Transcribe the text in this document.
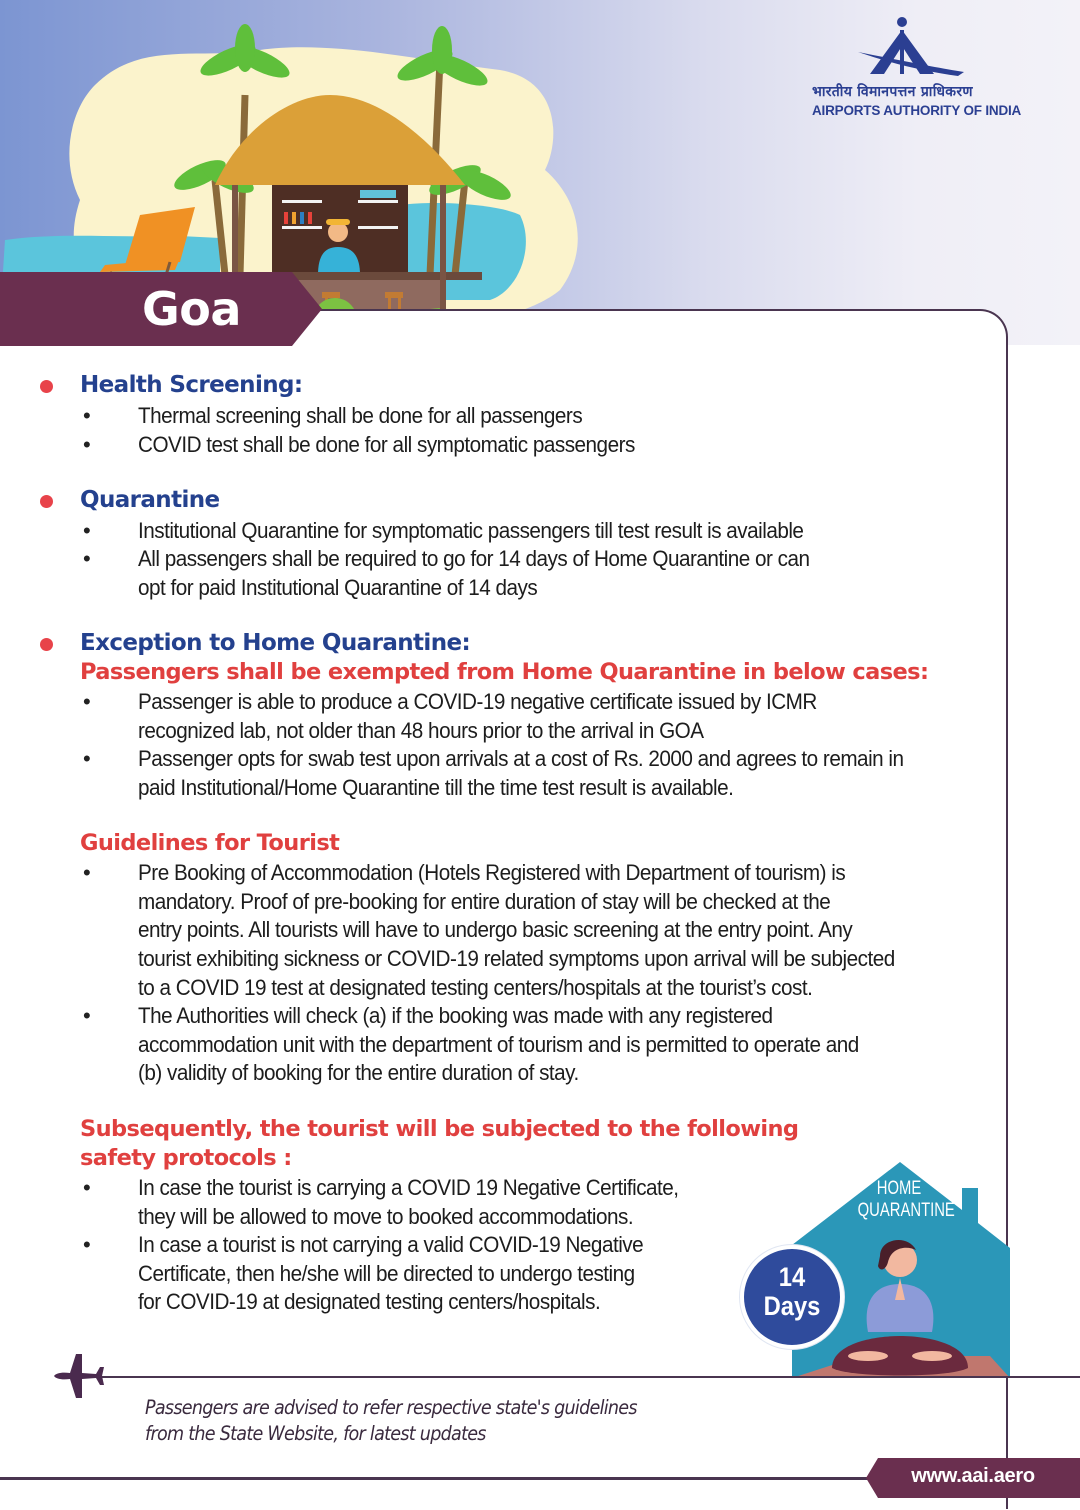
भारतीय विमानपत्तन प्राधिकरण
AIRPORTS AUTHORITY OF INDIA
Goa
Health Screening:
• Thermal screening shall be done for all passengers
• COVID test shall be done for all symptomatic passengers
Quarantine
• Institutional Quarantine for symptomatic passengers till test result is available
• All passengers shall be required to go for 14 days of Home Quarantine or can
opt for paid Institutional Quarantine of 14 days
Exception to Home Quarantine:
Passengers shall be exempted from Home Quarantine in below cases:
• Passenger is able to produce a COVID-19 negative certificate issued by ICMR
recognized lab, not older than 48 hours prior to the arrival in GOA
• Passenger opts for swab test upon arrivals at a cost of Rs. 2000 and agrees to remain in
paid Institutional/Home Quarantine till the time test result is available.
Guidelines for Tourist
• Pre Booking of Accommodation (Hotels Registered with Department of tourism) is
mandatory. Proof of pre-booking for entire duration of stay will be checked at the
entry points. All tourists will have to undergo basic screening at the entry point. Any
tourist exhibiting sickness or COVID-19 related symptoms upon arrival will be subjected
to a COVID 19 test at designated testing centers/hospitals at the tourist’s cost.
• The Authorities will check (a) if the booking was made with any registered
accommodation unit with the department of tourism and is permitted to operate and
(b) validity of booking for the entire duration of stay.
Subsequently, the tourist will be subjected to the following
safety protocols :
• In case the tourist is carrying a COVID 19 Negative Certificate,
they will be allowed to move to booked accommodations.
• In case a tourist is not carrying a valid COVID-19 Negative
Certificate, then he/she will be directed to undergo testing
for COVID-19 at designated testing centers/hospitals.
HOME
QUARANTINE
14
Days
Passengers are advised to refer respective state's guidelines
from the State Website, for latest updates
www.aai.aero
